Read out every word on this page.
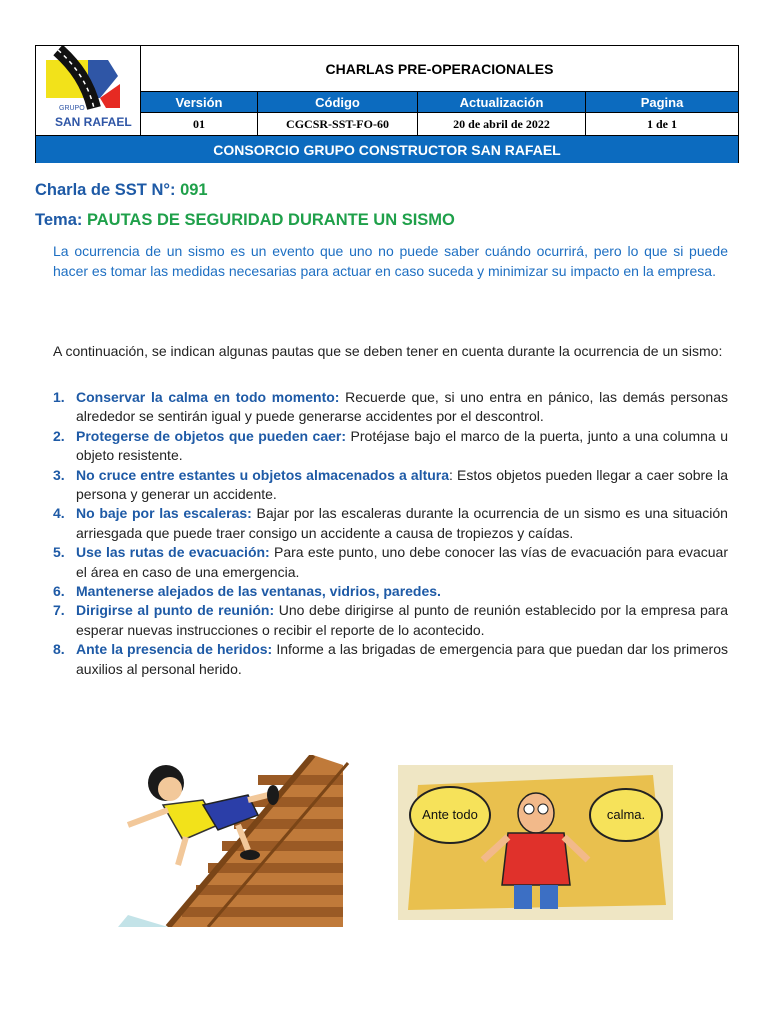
GRUPO
SAN RAFAEL
CHARLAS PRE-OPERACIONALES
Versión	Código	Actualización	Pagina
01	CGCSR-SST-FO-60	20 de abril de 2022	1 de 1
CONSORCIO GRUPO CONSTRUCTOR SAN RAFAEL
Charla de SST N°: 091
Tema: PAUTAS DE SEGURIDAD DURANTE UN SISMO
La ocurrencia de un sismo es un evento que uno no puede saber cuándo ocurrirá, pero lo que si puede hacer es tomar las medidas necesarias para actuar en caso suceda y minimizar su impacto en la empresa.
A continuación, se indican algunas pautas que se deben tener en cuenta durante la ocurrencia de un sismo:
1. Conservar la calma en todo momento: Recuerde que, si uno entra en pánico, las demás personas alrededor se sentirán igual y puede generarse accidentes por el descontrol.
2. Protegerse de objetos que pueden caer: Protéjase bajo el marco de la puerta, junto a una columna u objeto resistente.
3. No cruce entre estantes u objetos almacenados a altura: Estos objetos pueden llegar a caer sobre la persona y generar un accidente.
4. No baje por las escaleras: Bajar por las escaleras durante la ocurrencia de un sismo es una situación arriesgada que puede traer consigo un accidente a causa de tropiezos y caídas.
5. Use las rutas de evacuación: Para este punto, uno debe conocer las vías de evacuación para evacuar el área en caso de una emergencia.
6. Mantenerse alejados de las ventanas, vidrios, paredes.
7. Dirigirse al punto de reunión: Uno debe dirigirse al punto de reunión establecido por la empresa para esperar nuevas instrucciones o recibir el reporte de lo acontecido.
8. Ante la presencia de heridos: Informe a las brigadas de emergencia para que puedan dar los primeros auxilios al personal herido.
Ante todo	calma.
